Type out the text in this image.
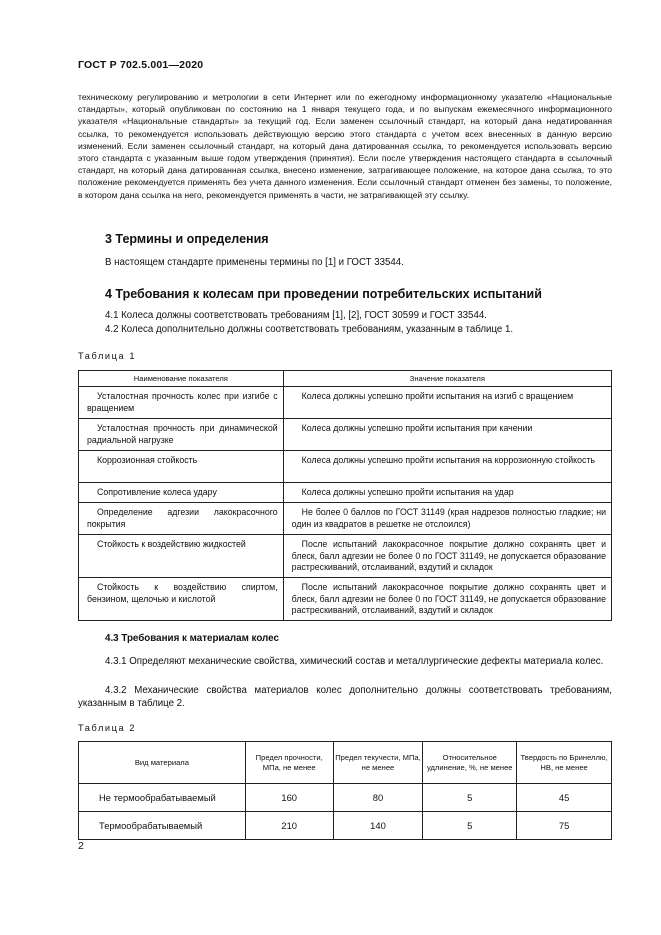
ГОСТ Р 702.5.001—2020

техническому регулированию и метрологии в сети Интернет или по ежегодному информационному указателю «Национальные стандарты», который опубликован по состоянию на 1 января текущего года, и по выпускам ежемесячного информационного указателя «Национальные стандарты» за текущий год. Если заменен ссылочный стандарт, на который дана недатированная ссылка, то рекомендуется использовать действующую версию этого стандарта с учетом всех внесенных в данную версию изменений. Если заменен ссылочный стандарт, на который дана датированная ссылка, то рекомендуется использовать версию этого стандарта с указанным выше годом утверждения (принятия). Если после утверждения настоящего стандарта в ссылочный стандарт, на который дана датированная ссылка, внесено изменение, затрагивающее положение, на которое дана ссылка, то это положение рекомендуется применять без учета данного изменения. Если ссылочный стандарт отменен без замены, то положение, в котором дана ссылка на него, рекомендуется применять в части, не затрагивающей эту ссылку.

3 Термины и определения
В настоящем стандарте применены термины по [1] и ГОСТ 33544.
4 Требования к колесам при проведении потребительских испытаний
4.1 Колеса должны соответствовать требованиям [1], [2], ГОСТ 30599 и ГОСТ 33544.
4.2 Колеса дополнительно должны соответствовать требованиям, указанным в таблице 1.
Таблица 1
Наименование показателя	Значение показателя
Усталостная прочность колес при изгибе с вращением	Колеса должны успешно пройти испытания на изгиб с вращением
Усталостная прочность при динамической радиальной нагрузке	Колеса должны успешно пройти испытания при качении
Коррозионная стойкость	Колеса должны успешно пройти испытания на коррозионную стойкость
Сопротивление колеса удару	Колеса должны успешно пройти испытания на удар
Определение адгезии лакокрасочного покрытия	Не более 0 баллов по ГОСТ 31149 (края надрезов полностью гладкие; ни один из квадратов в решетке не отслоился)
Стойкость к воздействию жидкостей	После испытаний лакокрасочное покрытие должно сохранять цвет и блеск, балл адгезии не более 0 по ГОСТ 31149, не допускается образование растрескиваний, отслаиваний, вздутий и складок
Стойкость к воздействию спиртом, бензином, щелочью и кислотой	После испытаний лакокрасочное покрытие должно сохранять цвет и блеск, балл адгезии не более 0 по ГОСТ 31149, не допускается образование растрескиваний, отслаиваний, вздутий и складок
4.3 Требования к материалам колес
4.3.1 Определяют механические свойства, химический состав и металлургические дефекты материала колес.
4.3.2 Механические свойства материалов колес дополнительно должны соответствовать требованиям, указанным в таблице 2.
Таблица 2
Вид материала	Предел прочности, МПа, не менее	Предел текучести, МПа, не менее	Относительное удлинение, %, не менее	Твердость по Бринеллю, НВ, не менее
Не термообрабатываемый	160	80	5	45
Термообрабатываемый	210	140	5	75
2
